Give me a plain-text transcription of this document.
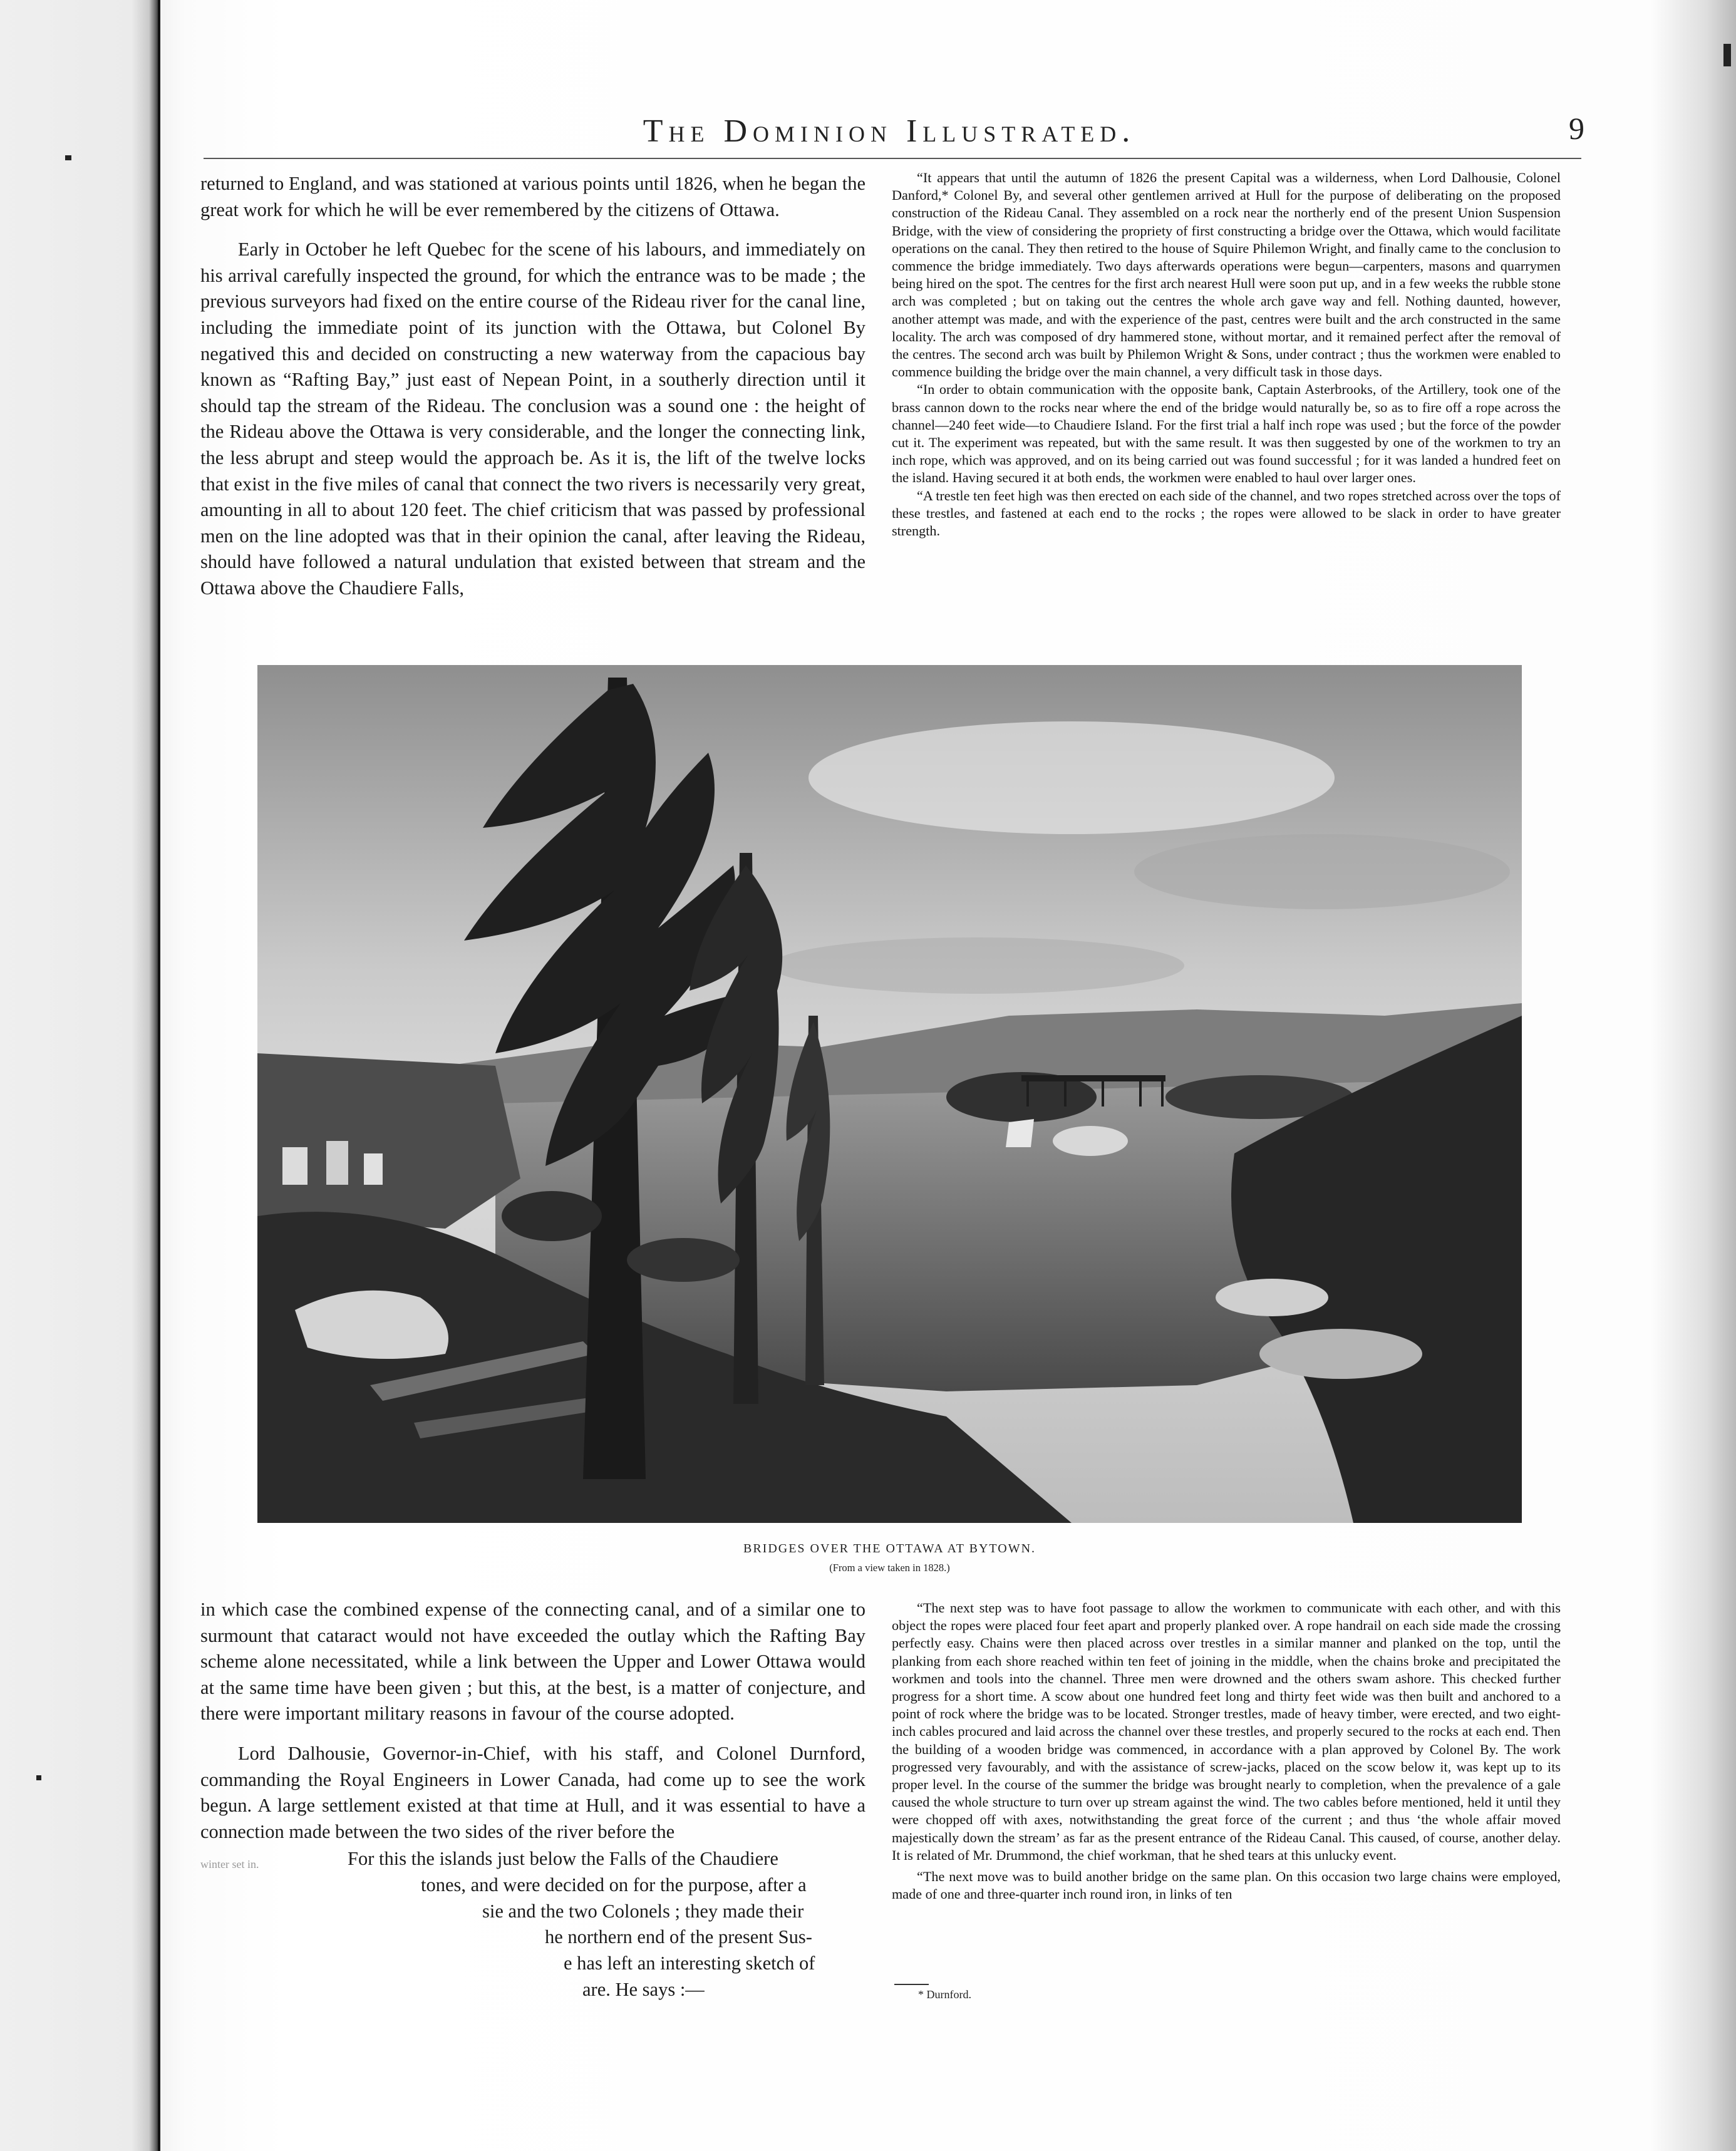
The Dominion Illustrated.	9

returned to England, and was stationed at various points until 1826, when he began the great work for which he will be ever remembered by the citizens of Ottawa.

Early in October he left Quebec for the scene of his labours, and immediately on his arrival carefully inspected the ground, for which the entrance was to be made ; the previous surveyors had fixed on the entire course of the Rideau river for the canal line, including the immediate point of its junction with the Ottawa, but Colonel By negatived this and decided on constructing a new waterway from the capacious bay known as “Rafting Bay,” just east of Nepean Point, in a southerly direction until it should tap the stream of the Rideau. The conclusion was a sound one : the height of the Rideau above the Ottawa is very considerable, and the longer the connecting link, the less abrupt and steep would the approach be. As it is, the lift of the twelve locks that exist in the five miles of canal that connect the two rivers is necessarily very great, amounting in all to about 120 feet. The chief criticism that was passed by professional men on the line adopted was that in their opinion the canal, after leaving the Rideau, should have followed a natural undulation that existed between that stream and the Ottawa above the Chaudiere Falls,

“It appears that until the autumn of 1826 the present Capital was a wilderness, when Lord Dalhousie, Colonel Danford,* Colonel By, and several other gentlemen arrived at Hull for the purpose of deliberating on the proposed construction of the Rideau Canal. They assembled on a rock near the northerly end of the present Union Suspension Bridge, with the view of considering the propriety of first constructing a bridge over the Ottawa, which would facilitate operations on the canal. They then retired to the house of Squire Philemon Wright, and finally came to the conclusion to commence the bridge immediately. Two days afterwards operations were begun—carpenters, masons and quarrymen being hired on the spot. The centres for the first arch nearest Hull were soon put up, and in a few weeks the rubble stone arch was completed ; but on taking out the centres the whole arch gave way and fell. Nothing daunted, however, another attempt was made, and with the experience of the past, centres were built and the arch constructed in the same locality. The arch was composed of dry hammered stone, without mortar, and it remained perfect after the removal of the centres. The second arch was built by Philemon Wright & Sons, under contract ; thus the workmen were enabled to commence building the bridge over the main channel, a very difficult task in those days.

“In order to obtain communication with the opposite bank, Captain Asterbrooks, of the Artillery, took one of the brass cannon down to the rocks near where the end of the bridge would naturally be, so as to fire off a rope across the channel—240 feet wide—to Chaudiere Island. For the first trial a half inch rope was used ; but the force of the powder cut it. The experiment was repeated, but with the same result. It was then suggested by one of the workmen to try an inch rope, which was approved, and on its being carried out was found successful ; for it was landed a hundred feet on the island. Having secured it at both ends, the workmen were enabled to haul over larger ones.

“A trestle ten feet high was then erected on each side of the channel, and two ropes stretched across over the tops of these trestles, and fastened at each end to the rocks ; the ropes were allowed to be slack in order to have greater strength.

BRIDGES OVER THE OTTAWA AT BYTOWN.
(From a view taken in 1828.)

in which case the combined expense of the connecting canal, and of a similar one to surmount that cataract would not have exceeded the outlay which the Rafting Bay scheme alone necessitated, while a link between the Upper and Lower Ottawa would at the same time have been given ; but this, at the best, is a matter of conjecture, and there were important military reasons in favour of the course adopted.

Lord Dalhousie, Governor-in-Chief, with his staff, and Colonel Durnford, commanding the Royal Engineers in Lower Canada, had come up to see the work begun. A large settlement existed at that time at Hull, and it was essential to have a connection made between the two sides of the river before the

winter set in.	For this the islands just below the Falls of the Chaudiere
tones, and were decided on for the purpose, after a
sie and the two Colonels ; they made their
he northern end of the present Sus-
e has left an interesting sketch of
are. He says :—

“The next step was to have foot passage to allow the workmen to communicate with each other, and with this object the ropes were placed four feet apart and properly planked over. A rope handrail on each side made the crossing perfectly easy. Chains were then placed across over trestles in a similar manner and planked on the top, until the planking from each shore reached within ten feet of joining in the middle, when the chains broke and precipitated the workmen and tools into the channel. Three men were drowned and the others swam ashore. This checked further progress for a short time. A scow about one hundred feet long and thirty feet wide was then built and anchored to a point of rock where the bridge was to be located. Stronger trestles, made of heavy timber, were erected, and two eight-inch cables procured and laid across the channel over these trestles, and properly secured to the rocks at each end. Then the building of a wooden bridge was commenced, in accordance with a plan approved by Colonel By. The work progressed very favourably, and with the assistance of screw-jacks, placed on the scow below it, was kept up to its proper level. In the course of the summer the bridge was brought nearly to completion, when the prevalence of a gale caused the whole structure to turn over up stream against the wind. The two cables before mentioned, held it until they were chopped off with axes, notwithstanding the great force of the current ; and thus ‘the whole affair moved majestically down the stream’ as far as the present entrance of the Rideau Canal. This caused, of course, another delay. It is related of Mr. Drummond, the chief workman, that he shed tears at this unlucky event.

“The next move was to build another bridge on the same plan. On this occasion two large chains were employed, made of one and three-quarter inch round iron, in links of ten

* Durnford.
